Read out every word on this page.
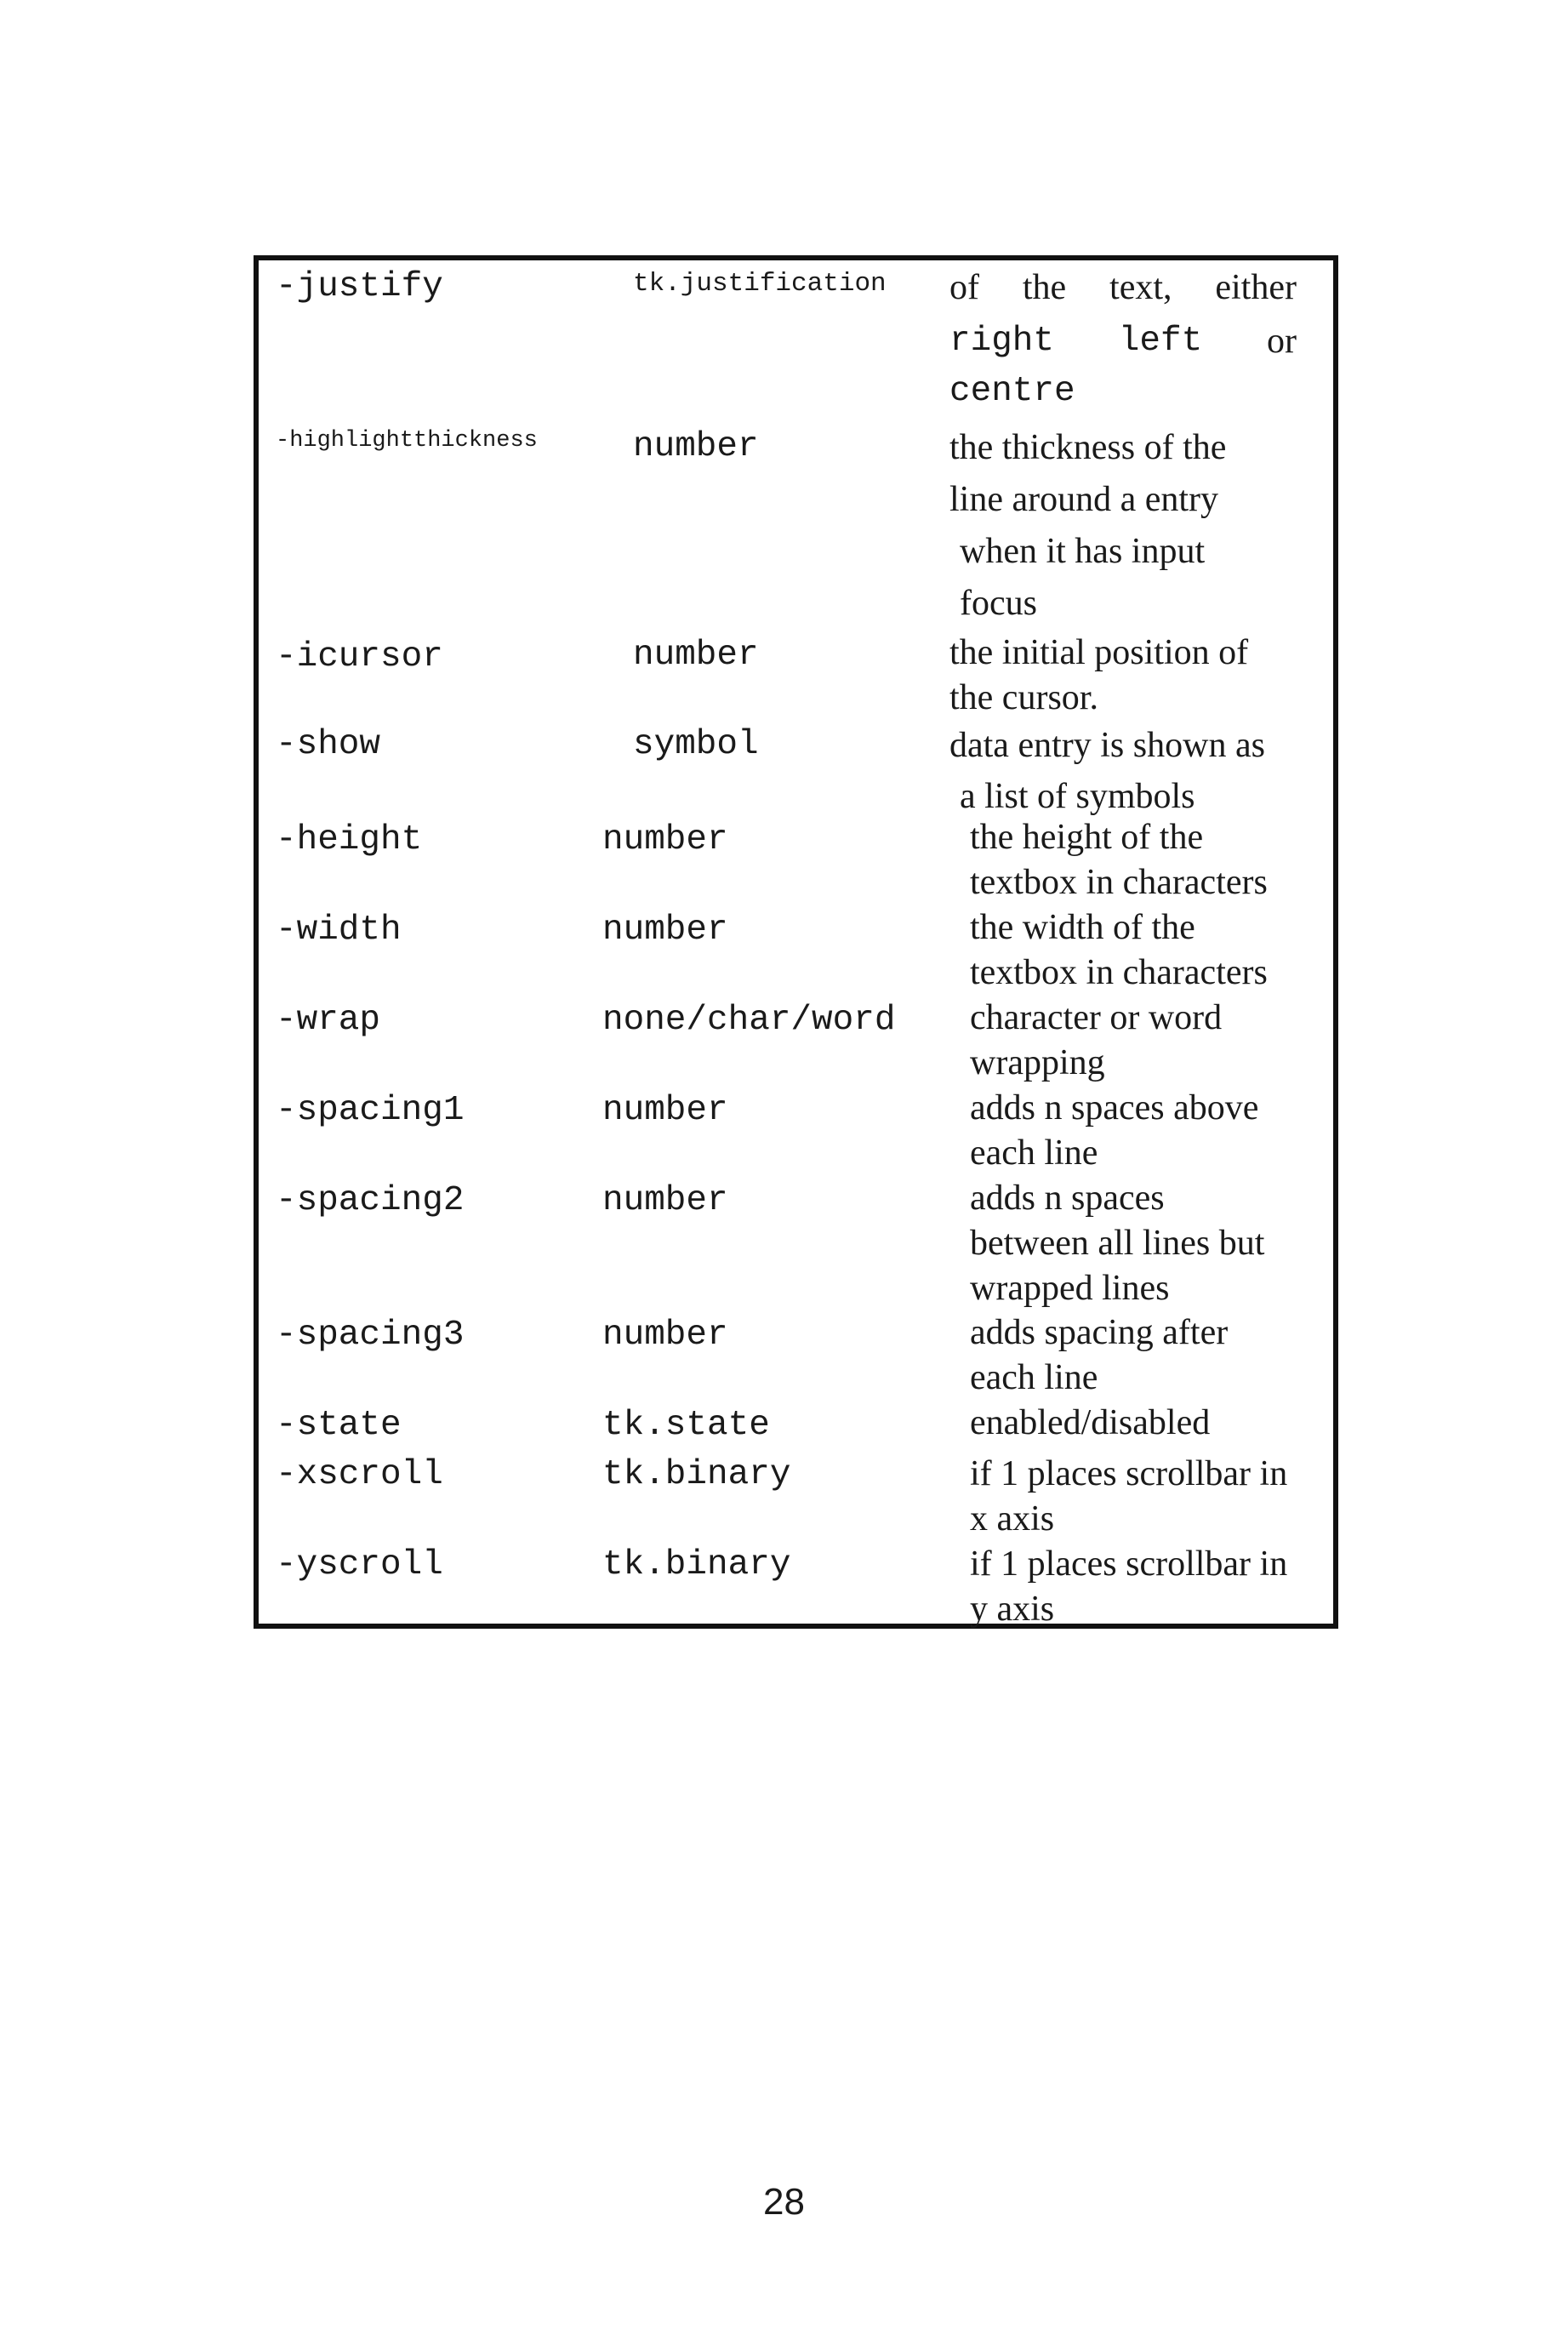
-justify	tk.justification of the text, either
right left or
centre
-highlightthickness	number	the thickness of the
line around a entry
when it has input
focus
-icursor	number	the initial position of
the cursor.
-show	symbol	data entry is shown as
a list of symbols
-height	number	the height of the
textbox in characters
-width	number	the width of the
textbox in characters
-wrap	none/char/word character or word
wrapping
-spacing1	number	adds n spaces above
each line
-spacing2	number	adds n spaces
between all lines but
wrapped lines
-spacing3	number	adds spacing after
each line
-state	tk.state	enabled/disabled
-xscroll	tk.binary	if 1 places scrollbar in
x axis
-yscroll	tk.binary	if 1 places scrollbar in
y axis
28
